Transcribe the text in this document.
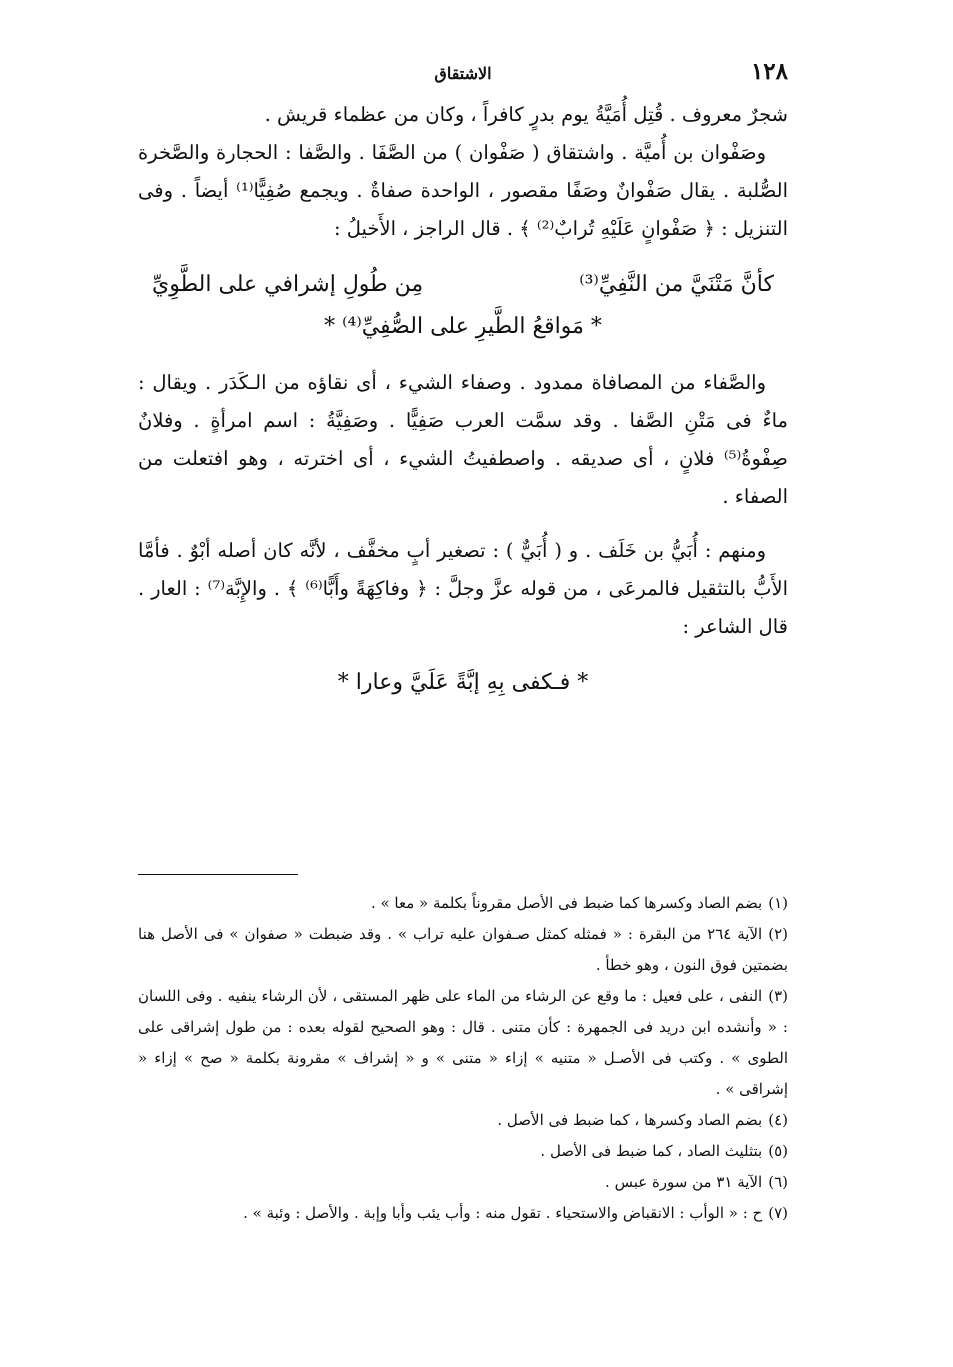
١٢٨
الاشتقاق

شجرٌ معروف . قُتِل أُمَيَّةُ يوم بدرٍ كافراً ، وكان من عظماء قريش .

وصَفْوان بن أُميَّة . واشتقاق ( صَفْوان ) من الصَّفَا . والصَّفا : الحجارة والصَّخرة الصُّلبة . يقال صَفْوانٌ وصَفًا مقصور ، الواحدة صفاةٌ . ويجمع صُفِيًّا⁽¹⁾ أيضاً . وفى التنزيل : ﴿ صَفْوانٍ عَلَيْهِ تُرابٌ⁽²⁾ ﴾ . قال الراجز ، الأَخيلُ :

كأنَّ مَتْنَيَّ من النَّفِيِّ⁽³⁾
مِن طُولِ إشرافي على الطَّوِيِّ
* مَواقعُ الطَّيرِ على الصُّفِيِّ⁽⁴⁾ *

والصَّفاء من المصافاة ممدود . وصفاء الشيء ، أى نقاؤه من الـكَدَر . ويقال : ماءٌ فى مَتْنِ الصَّفا . وقد سمَّت العرب صَفِيًّا . وصَفِيَّةُ : اسم امرأةٍ . وفلانٌ صِفْوةُ⁽⁵⁾ فلانٍ ، أى صديقه . واصطفيتُ الشيء ، أى اخترته ، وهو افتعلت من الصفاء .

ومنهم : أُبَيُّ بن خَلَف . و ( أُبَيٌّ ) : تصغير أبٍ مخفَّف ، لأنَّه كان أصله أبْوٌ . فأمَّا الأَبُّ بالتثقيل فالمرعَى ، من قوله عزَّ وجلَّ : ﴿ وفاكِهَةً وأَبًّا⁽⁶⁾ ﴾ . والإِبَّة⁽⁷⁾ : العار . قال الشاعر :

* فـكفى بِهِ إبَّةً عَلَيَّ وعارا *

(١)بضم الصاد وكسرها كما ضبط فى الأصل مقروناً بكلمة « معا » .

(٢)الآية ٢٦٤ من البقرة : « فمثله كمثل صـفوان عليه تراب » . وقد ضبطت « صفوان » فى الأصل هنا بضمتين فوق النون ، وهو خطأ .

(٣)النفى ، على فعيل : ما وقع عن الرشاء من الماء على ظهر المستقى ، لأن الرشاء ينفيه . وفى اللسان : « وأنشده ابن دريد فى الجمهرة : كأن متنى . قال : وهو الصحيح لقوله بعده : من طول إشراقى على الطوى » . وكتب فى الأصـل « متنيه » إزاء « متنى » و « إشراف » مقرونة بكلمة « صح » إزاء « إشراقى » .

(٤)بضم الصاد وكسرها ، كما ضبط فى الأصل .

(٥)بتثليث الصاد ، كما ضبط فى الأصل .

(٦)الآية ٣١ من سورة عبس .

(٧)ح : « الوأب : الانقباض والاستحياء . تقول منه : وأب يئب وأبا وإبة . والأصل : وئبة » .
